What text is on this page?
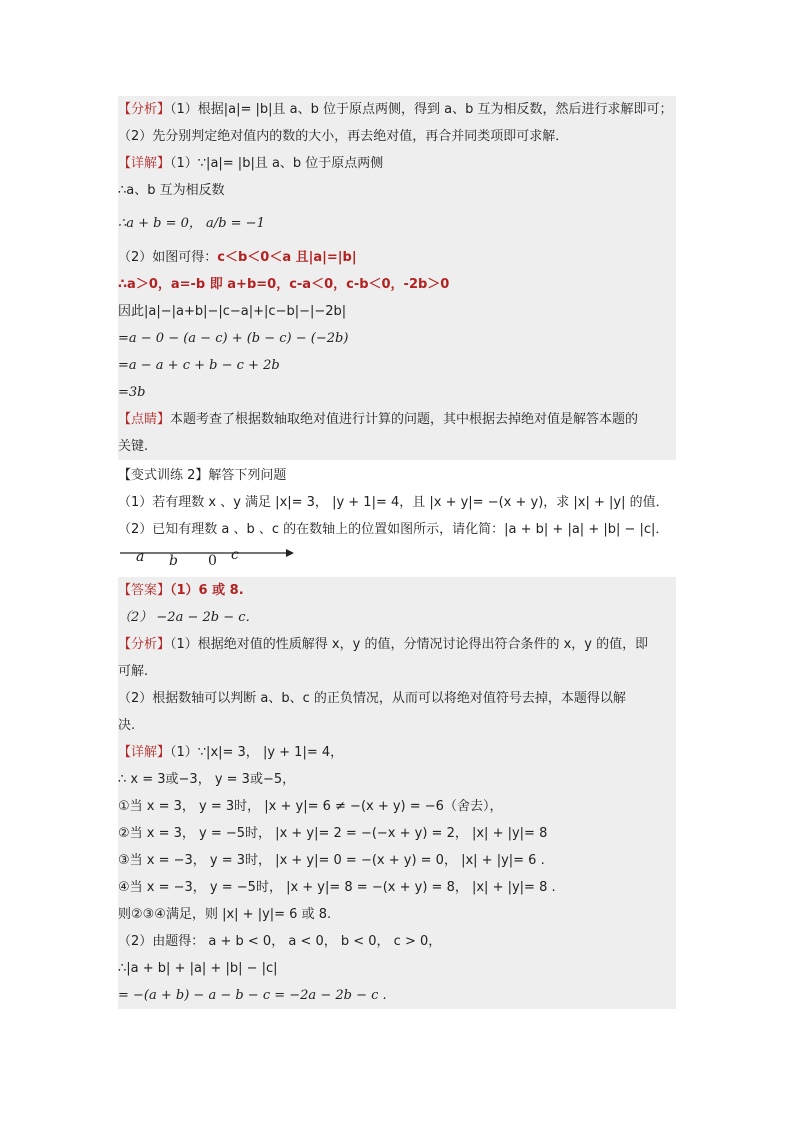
【分析】（1）根据|a|= |b|且 a、b 位于原点两侧，得到 a、b 互为相反数，然后进行求解即可；
（2）先分别判定绝对值内的数的大小，再去绝对值，再合并同类项即可求解．
【详解】（1）∵|a|= |b|且 a、b 位于原点两侧
∴a、b 互为相反数
∴a + b = 0， a/b = −1
（2）如图可得：c＜b＜0＜a 且|a|=|b|
∴a＞0，a=-b 即 a+b=0，c-a＜0，c-b＜0，-2b＞0
因此|a|−|a+b|−|c−a|+|c−b|−|−2b|
=a − 0 − (a − c) + (b − c) − (−2b)
=a − a + c + b − c + 2b
=3b
【点睛】本题考查了根据数轴取绝对值进行计算的问题，其中根据去掉绝对值是解答本题的
关键.
【变式训练 2】解答下列问题
（1）若有理数 x 、y 满足 |x|= 3， |y + 1|= 4，且 |x + y|= −(x + y)，求 |x| + |y| 的值．
（2）已知有理数 a 、b 、c 的在数轴上的位置如图所示，请化简：|a + b| + |a| + |b| − |c|．
a b 0 c
【答案】（1）6 或 8.
（2） −2a − 2b − c．
【分析】（1）根据绝对值的性质解得 x，y 的值，分情况讨论得出符合条件的 x，y 的值，即
可解.
（2）根据数轴可以判断 a、b、c 的正负情况，从而可以将绝对值符号去掉，本题得以解
决.
【详解】（1）∵|x|= 3， |y + 1|= 4，
∴ x = 3或−3， y = 3或−5，
①当 x = 3， y = 3时， |x + y|= 6 ≠ −(x + y) = −6（舍去），
②当 x = 3， y = −5时， |x + y|= 2 = −(−x + y) = 2， |x| + |y|= 8
③当 x = −3， y = 3时， |x + y|= 0 = −(x + y) = 0， |x| + |y|= 6 .
④当 x = −3， y = −5时， |x + y|= 8 = −(x + y) = 8， |x| + |y|= 8 .
则②③④满足，则 |x| + |y|= 6 或 8.
（2）由题得： a + b < 0， a < 0， b < 0， c > 0，
∴|a + b| + |a| + |b| − |c|
= −(a + b) − a − b − c = −2a − 2b − c .
